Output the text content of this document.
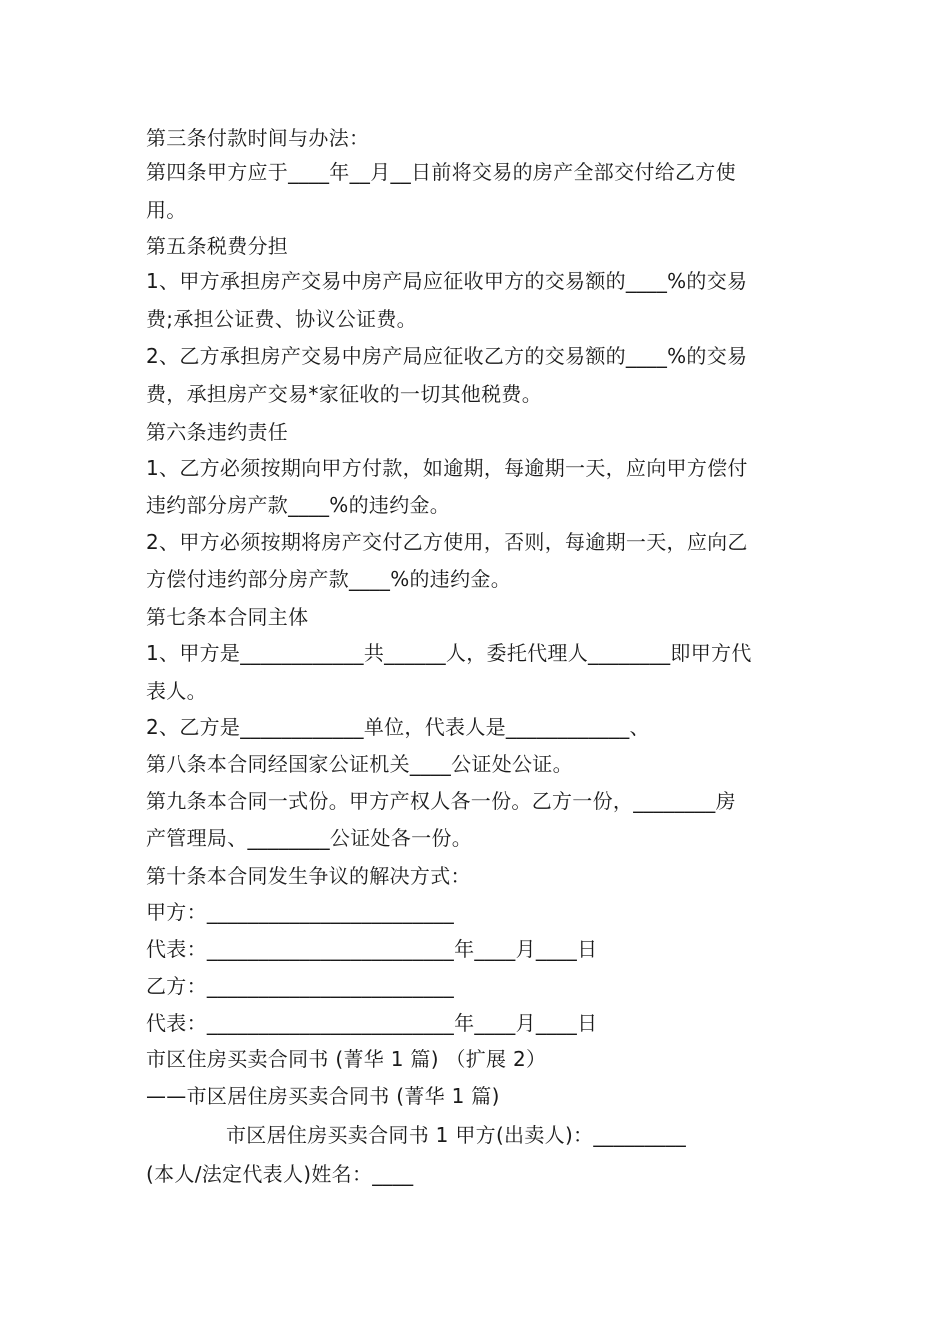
第三条付款时间与办法：
第四条甲方应于____年__月__日前将交易的房产全部交付给乙方使
用。
第五条税费分担
1、甲方承担房产交易中房产局应征收甲方的交易额的____%的交易
费;承担公证费、协议公证费。
2、乙方承担房产交易中房产局应征收乙方的交易额的____%的交易
费，承担房产交易*家征收的一切其他税费。
第六条违约责任
1、乙方必须按期向甲方付款，如逾期，每逾期一天，应向甲方偿付
违约部分房产款____%的违约金。
2、甲方必须按期将房产交付乙方使用，否则，每逾期一天，应向乙
方偿付违约部分房产款____%的违约金。
第七条本合同主体
1、甲方是____________共______人，委托代理人________即甲方代
表人。
2、乙方是____________单位，代表人是____________、
第八条本合同经国家公证机关____公证处公证。
第九条本合同一式份。甲方产权人各一份。乙方一份，________房
产管理局、________公证处各一份。
第十条本合同发生争议的解决方式：
甲方：________________________
代表：________________________年____月____日
乙方：________________________
代表：________________________年____月____日
市区住房买卖合同书 (菁华 1 篇) （扩展 2）
——市区居住房买卖合同书 (菁华 1 篇)
市区居住房买卖合同书 1 甲方(出卖人)：_________
(本人/法定代表人)姓名：____
